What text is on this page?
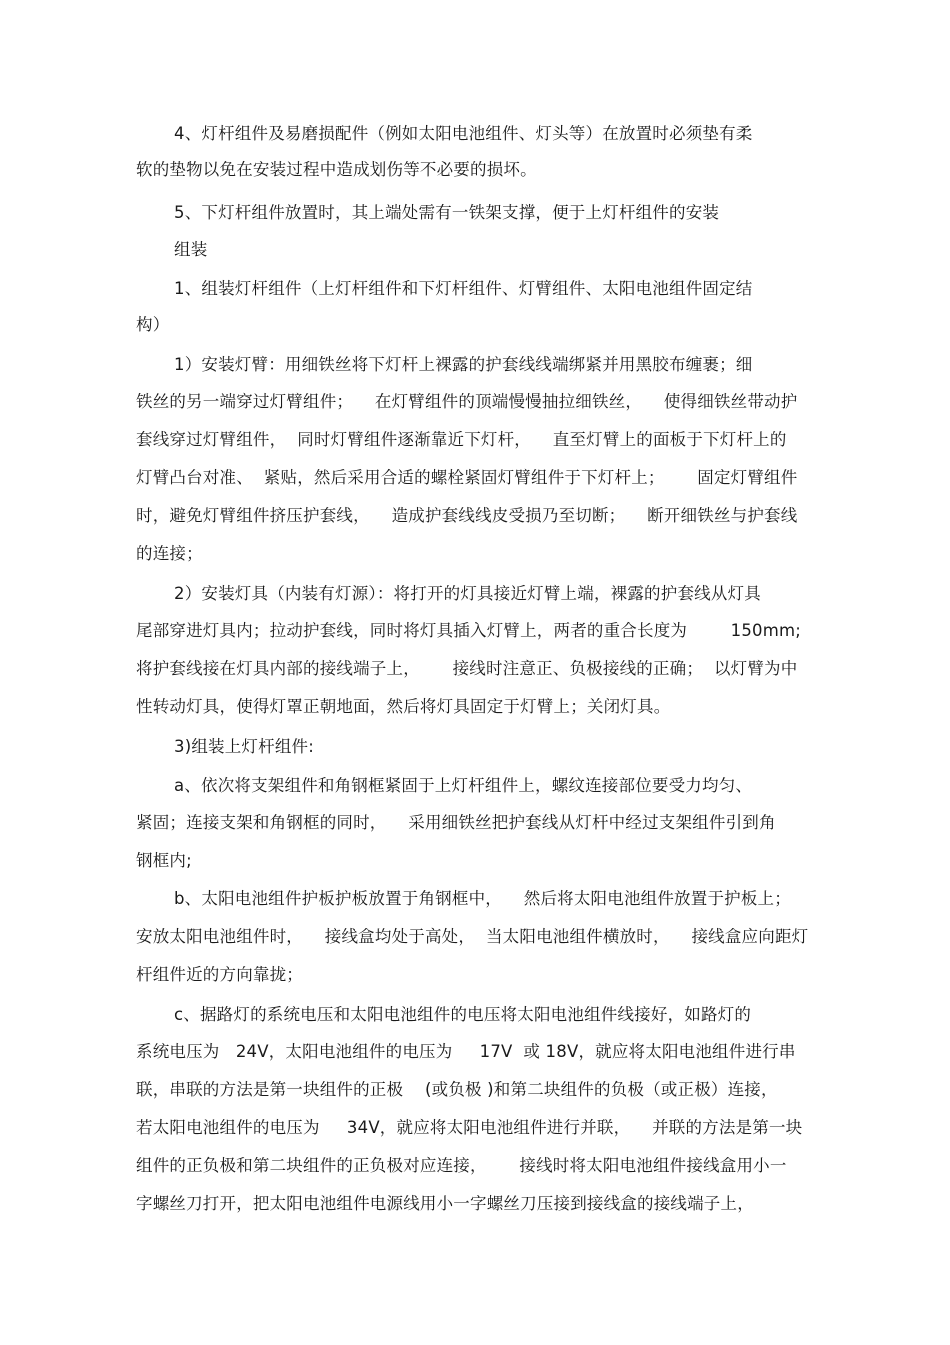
4、灯杆组件及易磨损配件（例如太阳电池组件、灯头等）在放置时必须垫有柔
软的垫物以免在安装过程中造成划伤等不必要的损坏。
5、下灯杆组件放置时，其上端处需有一铁架支撑，便于上灯杆组件的安装
组装
1、组装灯杆组件（上灯杆组件和下灯杆组件、灯臂组件、太阳电池组件固定结
构）
1）安装灯臂：用细铁丝将下灯杆上裸露的护套线线端绑紧并用黑胶布缠裹；细
铁丝的另一端穿过灯臂组件；    在灯臂组件的顶端慢慢抽拉细铁丝，    使得细铁丝带动护
套线穿过灯臂组件，  同时灯臂组件逐渐靠近下灯杆，    直至灯臂上的面板于下灯杆上的
灯臂凸台对准、  紧贴，然后采用合适的螺栓紧固灯臂组件于下灯杆上；      固定灯臂组件
时，避免灯臂组件挤压护套线，    造成护套线线皮受损乃至切断；    断开细铁丝与护套线
的连接；
2）安装灯具（内装有灯源）：将打开的灯具接近灯臂上端，裸露的护套线从灯具
尾部穿进灯具内；拉动护套线，同时将灯具插入灯臂上，两者的重合长度为        150mm;
将护套线接在灯具内部的接线端子上，      接线时注意正、负极接线的正确；  以灯臂为中
性转动灯具，使得灯罩正朝地面，然后将灯具固定于灯臂上；关闭灯具。
3)组装上灯杆组件:
a、依次将支架组件和角钢框紧固于上灯杆组件上，螺纹连接部位要受力均匀、
紧固；连接支架和角钢框的同时，    采用细铁丝把护套线从灯杆中经过支架组件引到角
钢框内;
b、太阳电池组件护板护板放置于角钢框中，    然后将太阳电池组件放置于护板上；
安放太阳电池组件时，    接线盒均处于高处，  当太阳电池组件横放时，    接线盒应向距灯
杆组件近的方向靠拢；
c、据路灯的系统电压和太阳电池组件的电压将太阳电池组件线接好，如路灯的
系统电压为   24V，太阳电池组件的电压为     17V  或 18V，就应将太阳电池组件进行串
联，串联的方法是第一块组件的正极    (或负极 )和第二块组件的负极（或正极）连接，
若太阳电池组件的电压为     34V，就应将太阳电池组件进行并联，    并联的方法是第一块
组件的正负极和第二块组件的正负极对应连接，      接线时将太阳电池组件接线盒用小一
字螺丝刀打开，把太阳电池组件电源线用小一字螺丝刀压接到接线盒的接线端子上，
